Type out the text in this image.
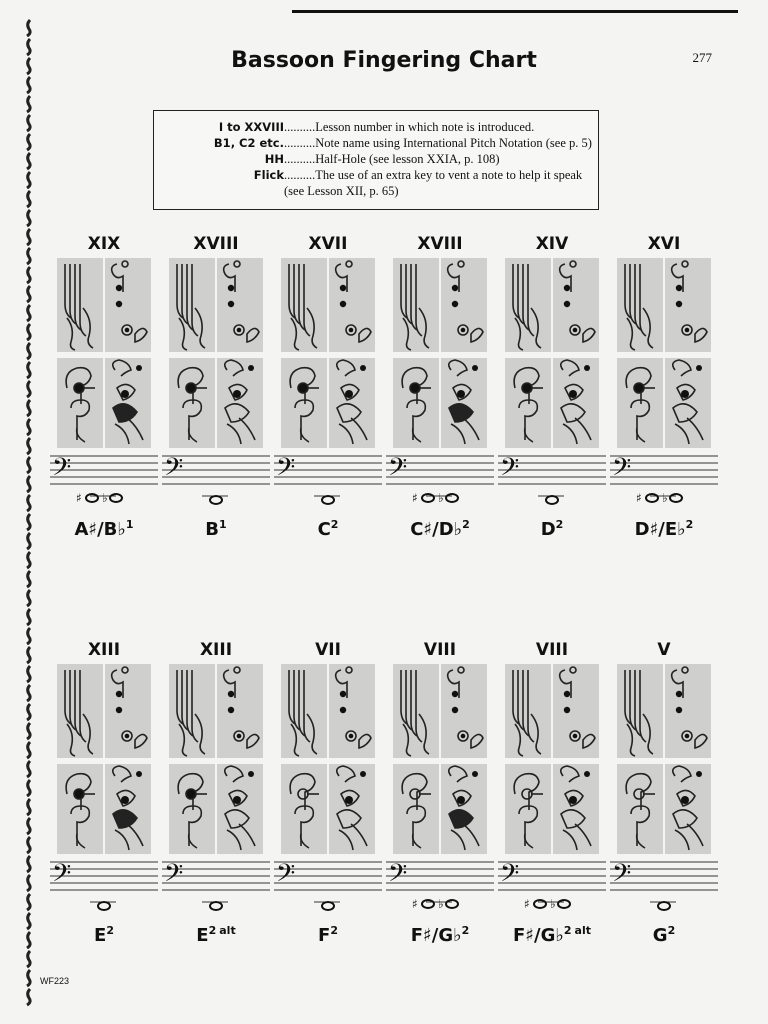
Bassoon Fingering Chart	277
I to XXVIII ..........Lesson number in which note is introduced.
B1, C2 etc. ..........Note name using International Pitch Notation (see p. 5)
HH ..........Half-Hole (see lesson XXIA, p. 108)
Flick ..........The use of an extra key to vent a note to help it speak
(see Lesson XII, p. 65)
XIX
𝄢
♯ ♭
A♯/B♭$^1$
XVIII
𝄢
$B^1$
XVII
𝄢
$C^2$
XVIII
𝄢
♯ ♭
C♯/D♭$^2$
XIV
𝄢
$D^2$
XVI
𝄢
♯ ♭
D♯/E♭$^2$
XIII
𝄢
$E^2$
XIII
𝄢
$E^2$ $^{alt}$
VII
𝄢
$F^2$
VIII
𝄢
♯ ♭
F♯/G♭$^2$
VIII
𝄢
♯ ♭
F♯/G♭$^2$ $^{alt}$
V
𝄢
$G^2$
WF223
